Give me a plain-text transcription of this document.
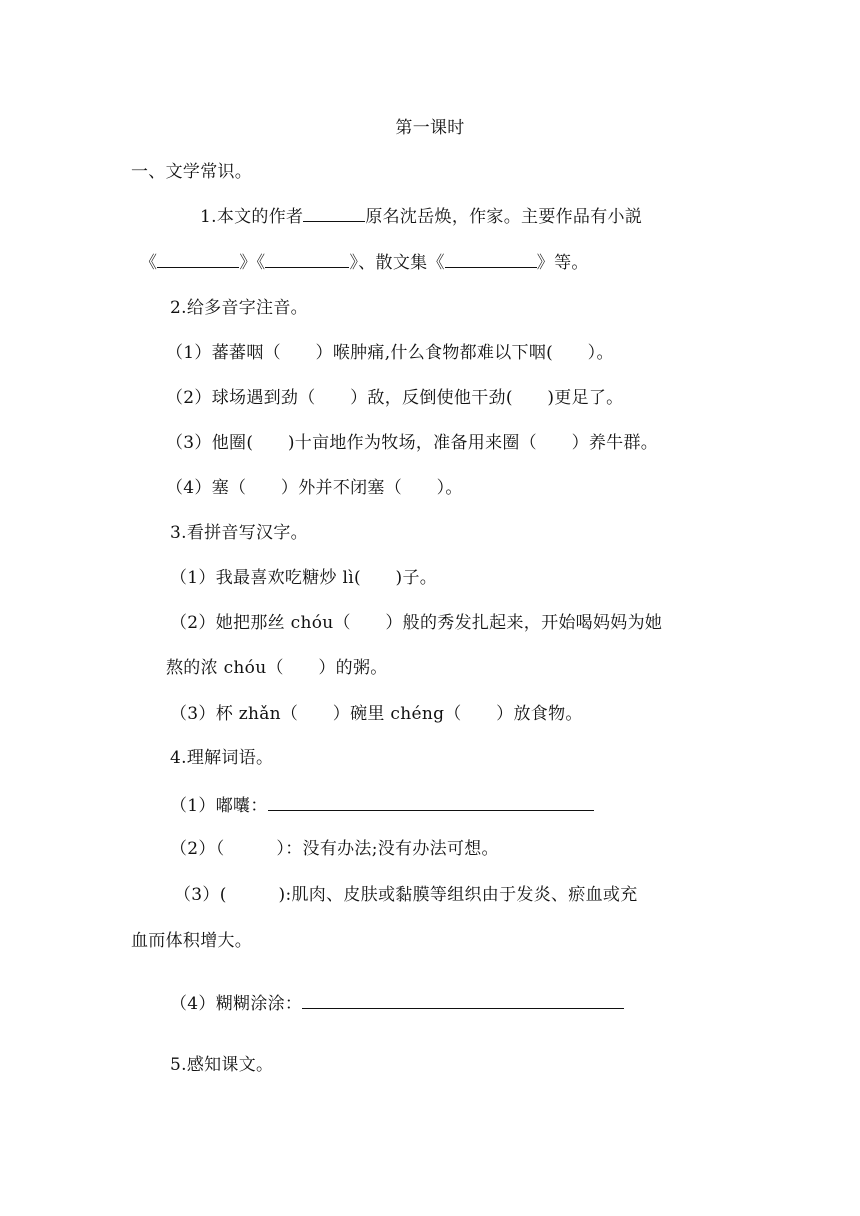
第一课时
一、文学常识。
1.本文的作者	原名沈岳焕，作家。主要作品有小説
《	》《	》、散文集《	》等。
2.给多音字注音。
（1）蕃蕃咽（　　）喉肿痛,什么食物都难以下咽(　　）。
（2）球场遇到劲（　　）敌，反倒使他干劲(　　)更足了。
（3）他圈(　　)十亩地作为牧场，准备用来圈（　　）养牛群。
（4）塞（　　）外并不闭塞（　　）。
3.看拼音写汉字。
（1）我最喜欢吃糖炒 lì(　　)子。
（2）她把那丝 chóu（　　）般的秀发扎起来，开始喝妈妈为她
熬的浓 chóu（　　）的粥。
（3）杯 zhǎn（　　）碗里 chéng（　　）放食物。
4.理解词语。
（1）嘟囔：
（2）（　　　）：没有办法;没有办法可想。
（3）(　　　):肌肉、皮肤或黏膜等组织由于发炎、瘀血或充
血而体积增大。
（4）糊糊涂涂：
5.感知课文。
